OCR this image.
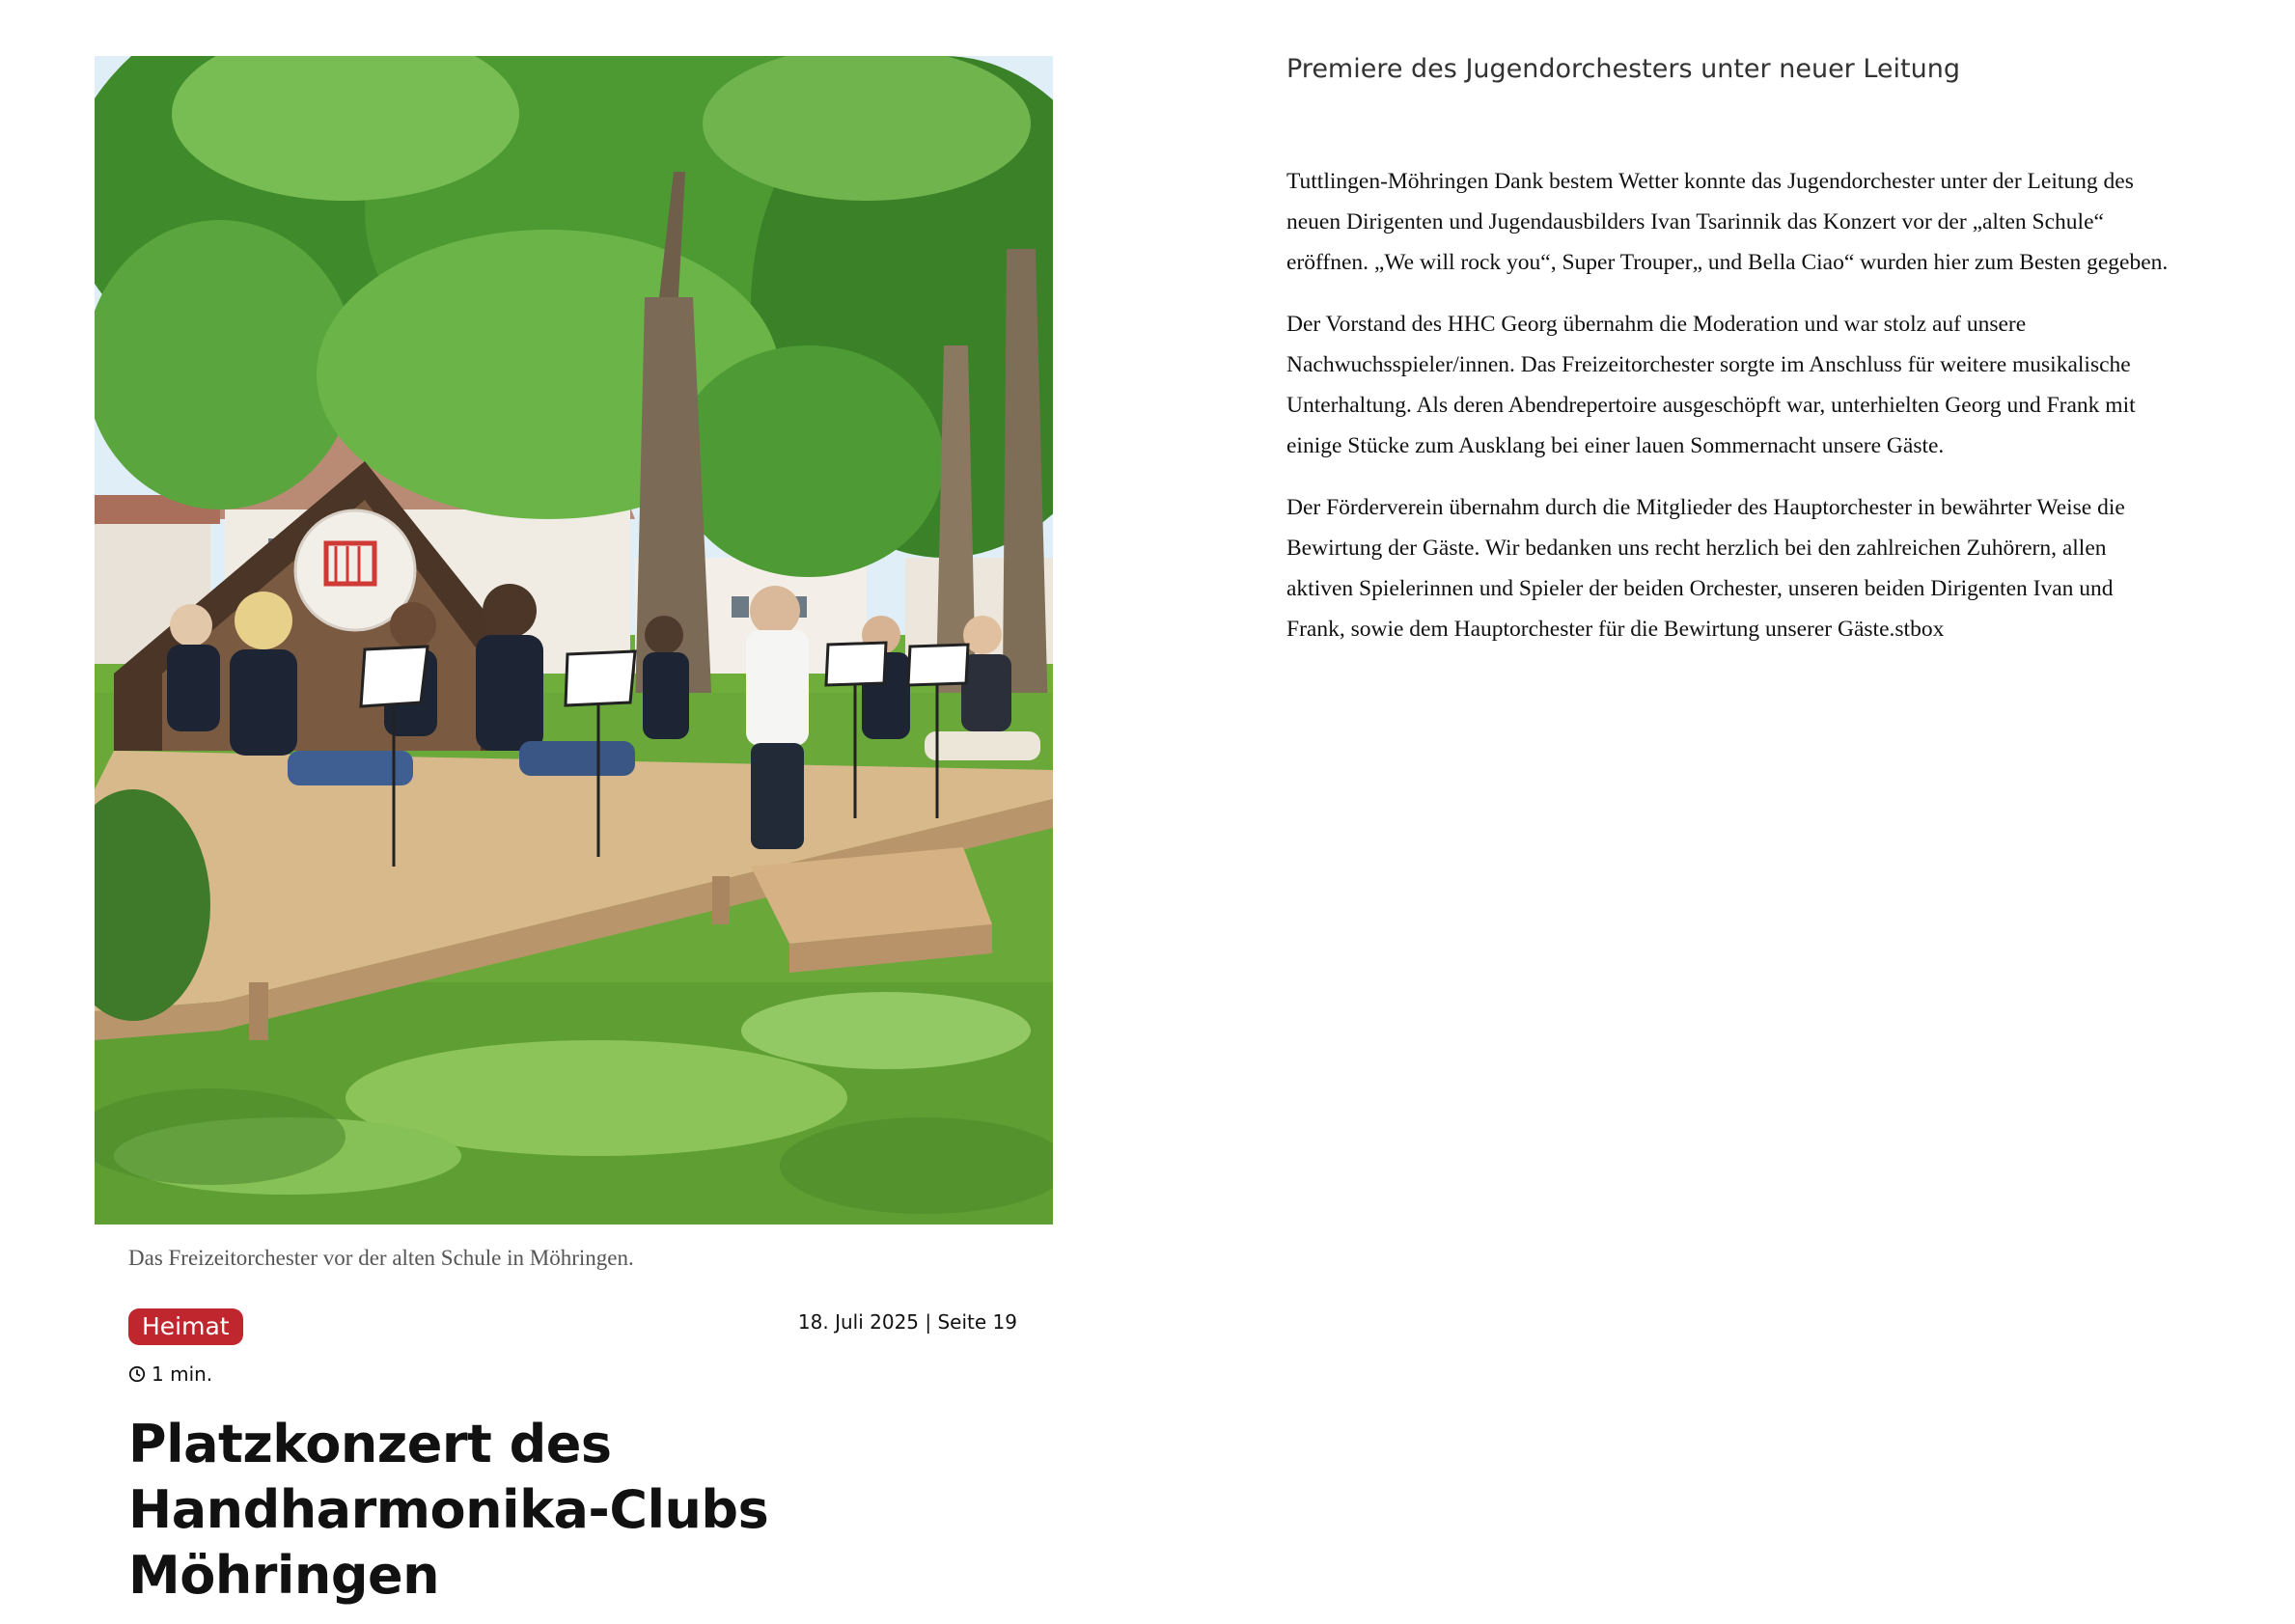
Das Freizeitorchester vor der alten Schule in Möhringen.
Heimat	18. Juli 2025 | Seite 19
1 min.
Platzkonzert des Handharmonika-Clubs Möhringen
Premiere des Jugendorchesters unter neuer Leitung

Tuttlingen-Möhringen Dank bestem Wetter konnte das Jugendorchester unter der Leitung des neuen Dirigenten und Jugendausbilders Ivan Tsarinnik das Konzert vor der „alten Schule“ eröffnen. „We will rock you“, Super Trouper„ und Bella Ciao“ wurden hier zum Besten gegeben.

Der Vorstand des HHC Georg übernahm die Moderation und war stolz auf unsere Nachwuchsspieler/innen. Das Freizeitorchester sorgte im Anschluss für weitere musikalische Unterhaltung. Als deren Abendrepertoire ausgeschöpft war, unterhielten Georg und Frank mit einige Stücke zum Ausklang bei einer lauen Sommernacht unsere Gäste.

Der Förderverein übernahm durch die Mitglieder des Hauptorchester in bewährter Weise die Bewirtung der Gäste. Wir bedanken uns recht herzlich bei den zahlreichen Zuhörern, allen aktiven Spielerinnen und Spieler der beiden Orchester, unseren beiden Dirigenten Ivan und Frank, sowie dem Hauptorchester für die Bewirtung unserer Gäste.stbox
